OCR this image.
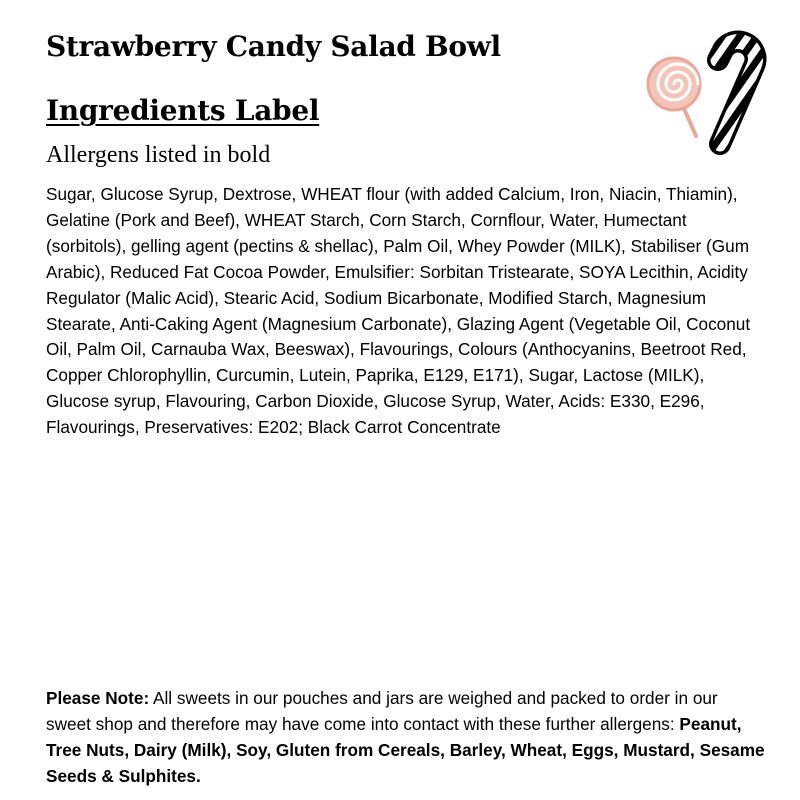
Strawberry Candy Salad Bowl
Ingredients Label

Allergens listed in bold

Sugar, Glucose Syrup, Dextrose, WHEAT flour (with added Calcium, Iron, Niacin, Thiamin), Gelatine (Pork and Beef), WHEAT Starch, Corn Starch, Cornflour, Water, Humectant (sorbitols), gelling agent (pectins & shellac), Palm Oil, Whey Powder (MILK), Stabiliser (Gum Arabic), Reduced Fat Cocoa Powder, Emulsifier: Sorbitan Tristearate, SOYA Lecithin, Acidity Regulator (Malic Acid), Stearic Acid, Sodium Bicarbonate, Modified Starch, Magnesium Stearate, Anti-Caking Agent (Magnesium Carbonate), Glazing Agent (Vegetable Oil, Coconut Oil, Palm Oil, Carnauba Wax, Beeswax), Flavourings, Colours (Anthocyanins, Beetroot Red, Copper Chlorophyllin, Curcumin, Lutein, Paprika, E129, E171), Sugar, Lactose (MILK), Glucose syrup, Flavouring, Carbon Dioxide, Glucose Syrup, Water, Acids: E330, E296, Flavourings, Preservatives: E202; Black Carrot Concentrate

Please Note: All sweets in our pouches and jars are weighed and packed to order in our sweet shop and therefore may have come into contact with these further allergens: Peanut, Tree Nuts, Dairy (Milk), Soy, Gluten from Cereals, Barley, Wheat, Eggs, Mustard, Sesame Seeds & Sulphites.
